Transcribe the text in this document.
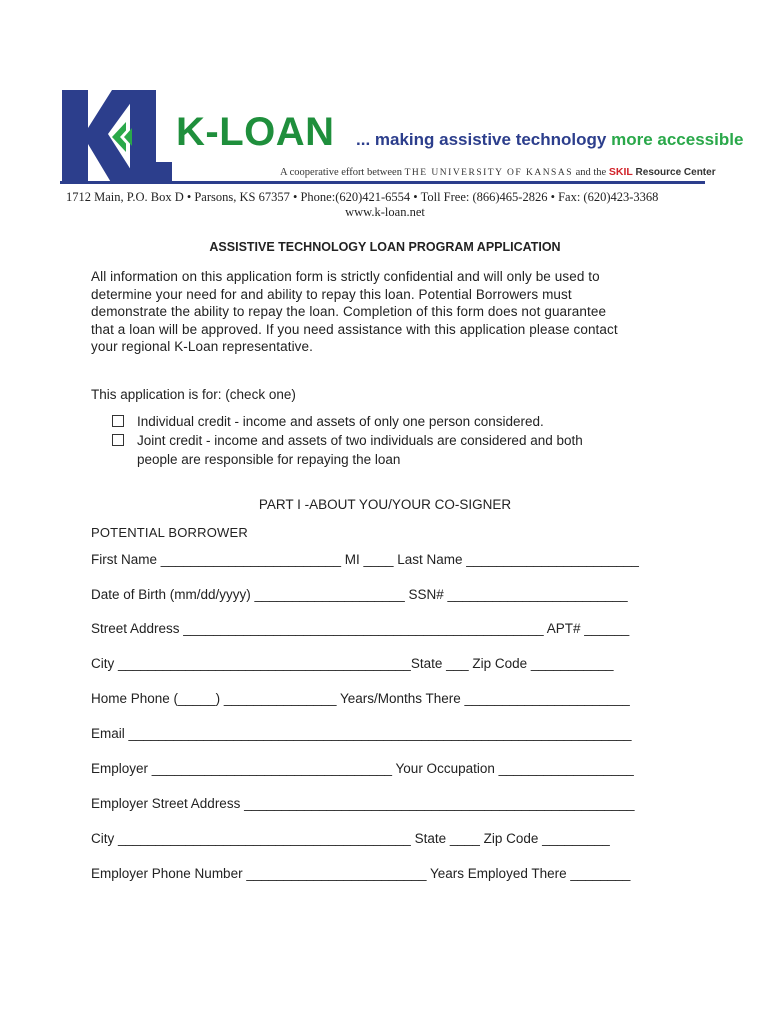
K-LOAN ... making assistive technology more accessible
A cooperative effort between THE UNIVERSITY OF KANSAS and the SKIL Resource Center
1712 Main, P.O. Box D • Parsons, KS 67357 • Phone:(620)421-6554 • Toll Free: (866)465-2826 • Fax: (620)423-3368
www.k-loan.net
ASSISTIVE TECHNOLOGY LOAN PROGRAM APPLICATION
All information on this application form is strictly confidential and will only be used to
determine your need for and ability to repay this loan. Potential Borrowers must
demonstrate the ability to repay the loan. Completion of this form does not guarantee
that a loan will be approved. If you need assistance with this application please contact
your regional K-Loan representative.
This application is for: (check one)
Individual credit - income and assets of only one person considered.
Joint credit - income and assets of two individuals are considered and both
people are responsible for repaying the loan
PART I -ABOUT YOU/YOUR CO-SIGNER
POTENTIAL BORROWER
First Name ________________________ MI ____ Last Name _______________________
Date of Birth (mm/dd/yyyy) ____________________ SSN# ________________________
Street Address ________________________________________________ APT# ______
City _______________________________________State ___ Zip Code ___________
Home Phone (_____) _______________ Years/Months There ______________________
Email ___________________________________________________________________
Employer ________________________________ Your Occupation __________________
Employer Street Address ____________________________________________________
City _______________________________________ State ____ Zip Code _________
Employer Phone Number ________________________ Years Employed There ________
